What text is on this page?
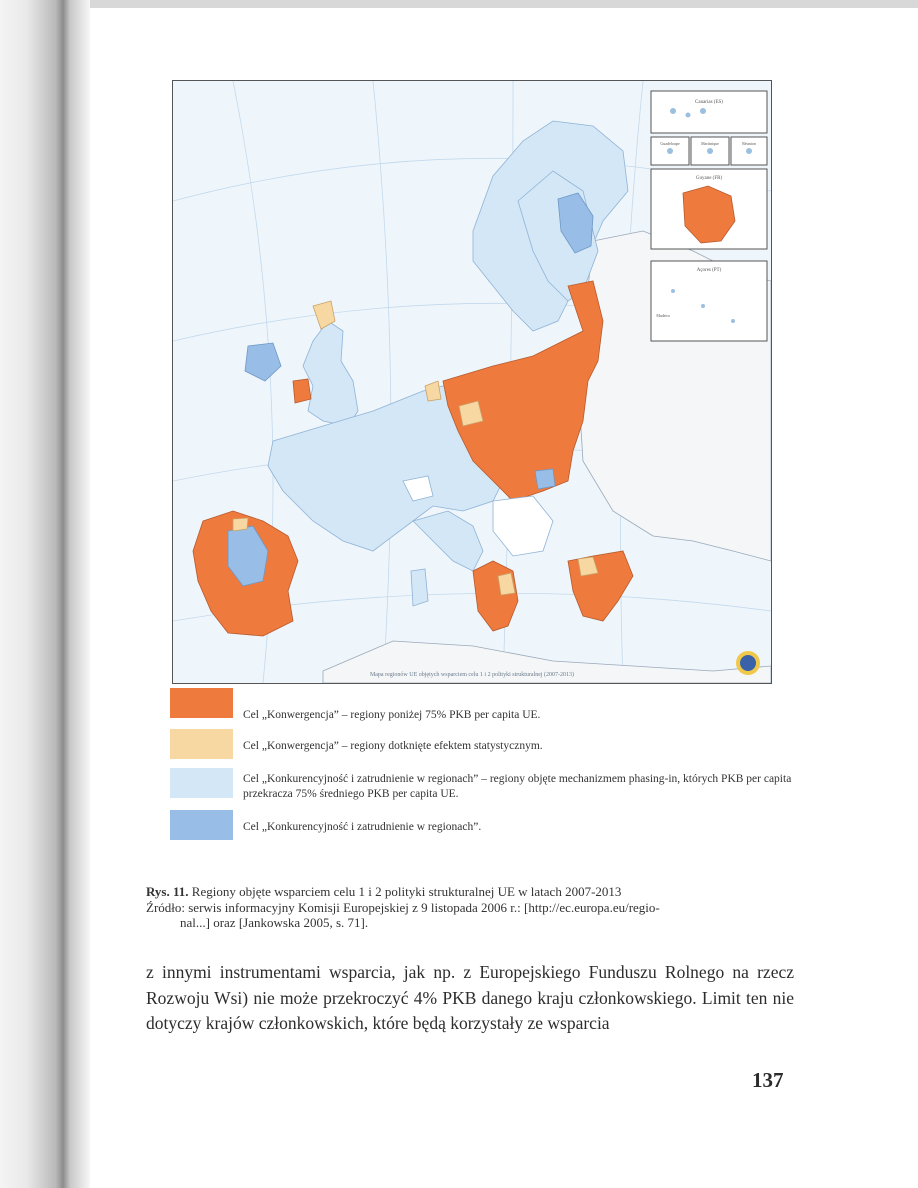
Canarias (ES)
Guadeloupe	Martinique	Réunion
Guyane (FR)
Açores (PT)
Madeira
Mapa regionów UE objętych wsparciem celu 1 i 2 polityki strukturalnej (2007-2013)
Cel „Konwergencja” – regiony poniżej 75% PKB per capita UE.
Cel „Konwergencja” – regiony dotknięte efektem statystycznym.
Cel „Konkurencyjność i zatrudnienie w regionach” – regiony objęte mechanizmem phasing-in, których PKB per capita przekracza 75% średniego PKB per capita UE.
Cel „Konkurencyjność i zatrudnienie w regionach”.
Rys. 11. Regiony objęte wsparciem celu 1 i 2 polityki strukturalnej UE w latach 2007-2013
Źródło: serwis informacyjny Komisji Europejskiej z 9 listopada 2006 r.: [http://ec.europa.eu/regio-
nal...] oraz [Jankowska 2005, s. 71].
z innymi instrumentami wsparcia, jak np. z Europejskiego Funduszu Rolnego na rzecz Rozwoju Wsi) nie może przekroczyć 4% PKB danego kraju członkowskiego. Limit ten nie dotyczy krajów członkowskich, które będą korzystały ze wsparcia
137
